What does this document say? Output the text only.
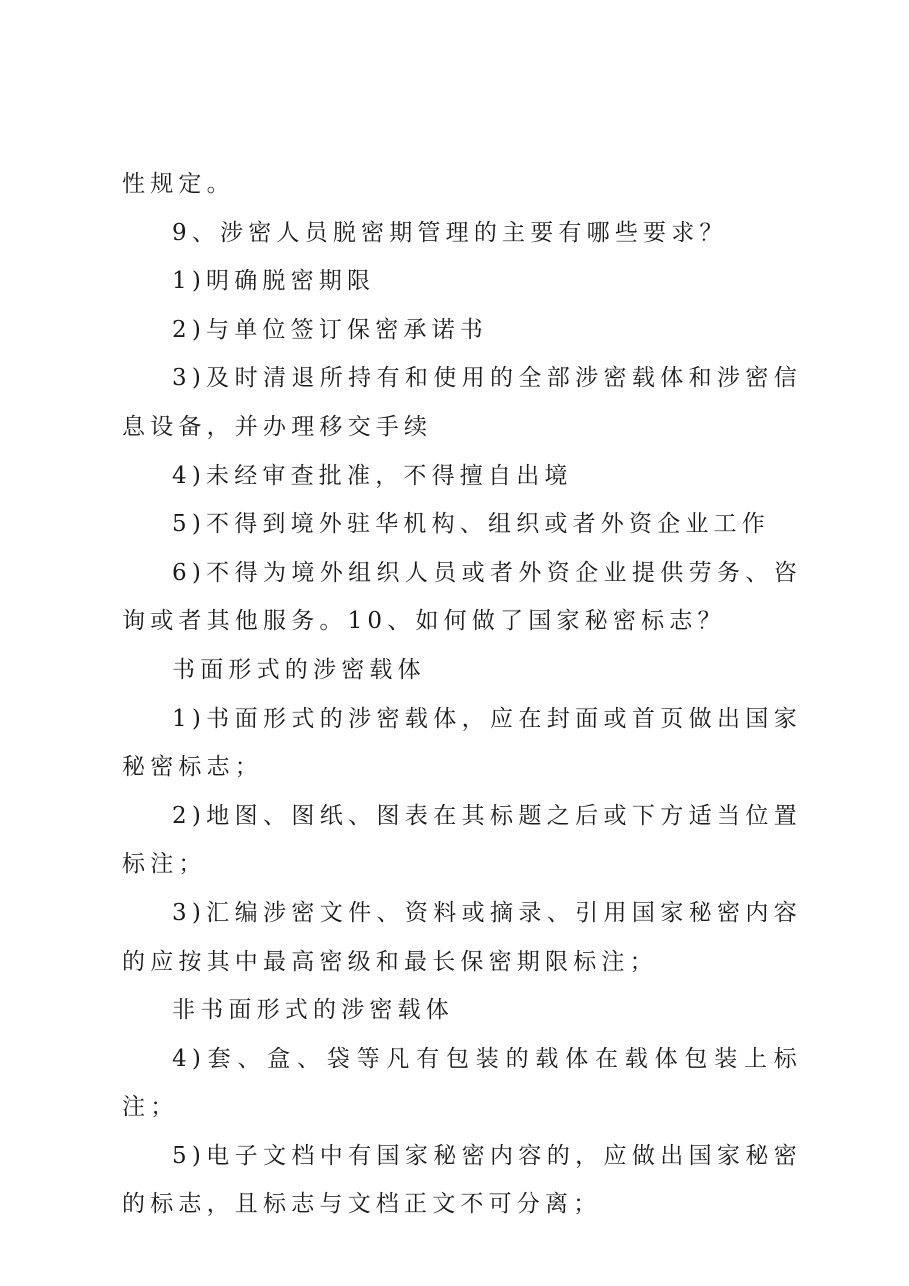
性规定。

9、涉密人员脱密期管理的主要有哪些要求？

1)明确脱密期限

2)与单位签订保密承诺书

3)及时清退所持有和使用的全部涉密载体和涉密信息设备，并办理移交手续

4)未经审查批准，不得擅自出境

5)不得到境外驻华机构、组织或者外资企业工作

6)不得为境外组织人员或者外资企业提供劳务、咨询或者其他服务。10、如何做了国家秘密标志？

书面形式的涉密载体

1)书面形式的涉密载体，应在封面或首页做出国家秘密标志；

2)地图、图纸、图表在其标题之后或下方适当位置标注；

3)汇编涉密文件、资料或摘录、引用国家秘密内容的应按其中最高密级和最长保密期限标注；

非书面形式的涉密载体

4)套、盒、袋等凡有包装的载体在载体包装上标注；

5)电子文档中有国家秘密内容的，应做出国家秘密的标志，且标志与文档正文不可分离；
